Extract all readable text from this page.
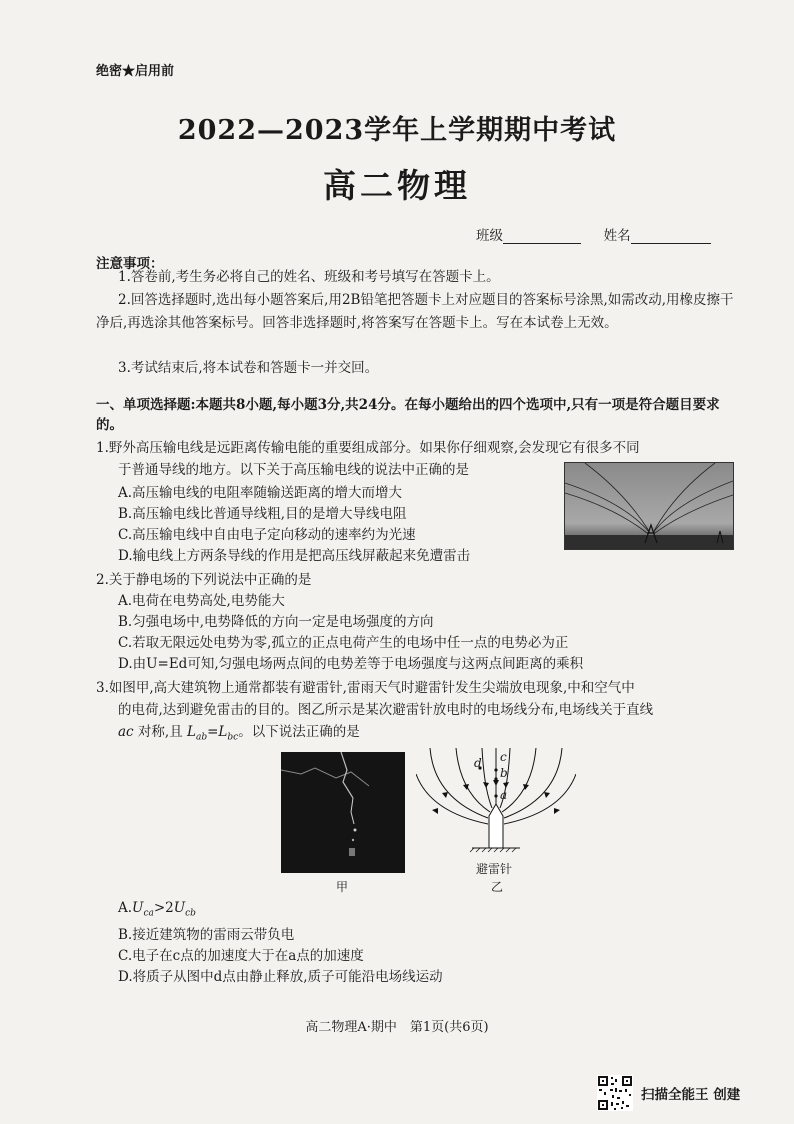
绝密★启用前
2022—2023学年上学期期中考试
高二物理
班级	姓名
注意事项：
1.答卷前,考生务必将自己的姓名、班级和考号填写在答题卡上。
2.回答选择题时,选出每小题答案后,用2B铅笔把答题卡上对应题目的答案标号涂黑,如需改动,用橡皮擦干净后,再选涂其他答案标号。回答非选择题时,将答案写在答题卡上。写在本试卷上无效。
3.考试结束后,将本试卷和答题卡一并交回。
一、单项选择题:本题共8小题,每小题3分,共24分。在每小题给出的四个选项中,只有一项是符合题目要求的。
1.野外高压输电线是远距离传输电能的重要组成部分。如果你仔细观察,会发现它有很多不同
于普通导线的地方。以下关于高压输电线的说法中正确的是
A.高压输电线的电阻率随输送距离的增大而增大
B.高压输电线比普通导线粗,目的是增大导线电阻
C.高压输电线中自由电子定向移动的速率约为光速
D.输电线上方两条导线的作用是把高压线屏蔽起来免遭雷击
2.关于静电场的下列说法中正确的是
A.电荷在电势高处,电势能大
B.匀强电场中,电势降低的方向一定是电场强度的方向
C.若取无限远处电势为零,孤立的正点电荷产生的电场中任一点的电势必为正
D.由U=Ed可知,匀强电场两点间的电势差等于电场强度与这两点间距离的乘积
3.如图甲,高大建筑物上通常都装有避雷针,雷雨天气时避雷针发生尖端放电现象,中和空气中
的电荷,达到避免雷击的目的。图乙所示是某次避雷针放电时的电场线分布,电场线关于直线
ac 对称,且 $L_{ab}=L_{bc}$。以下说法正确的是
甲
c
b
a
d
避雷针
乙
$A.U_{ca}>2U_{cb}$
B.接近建筑物的雷雨云带负电
C.电子在c点的加速度大于在a点的加速度
D.将质子从图中d点由静止释放,质子可能沿电场线运动
高二物理A·期中　第1页(共6页)
扫描全能王 创建
